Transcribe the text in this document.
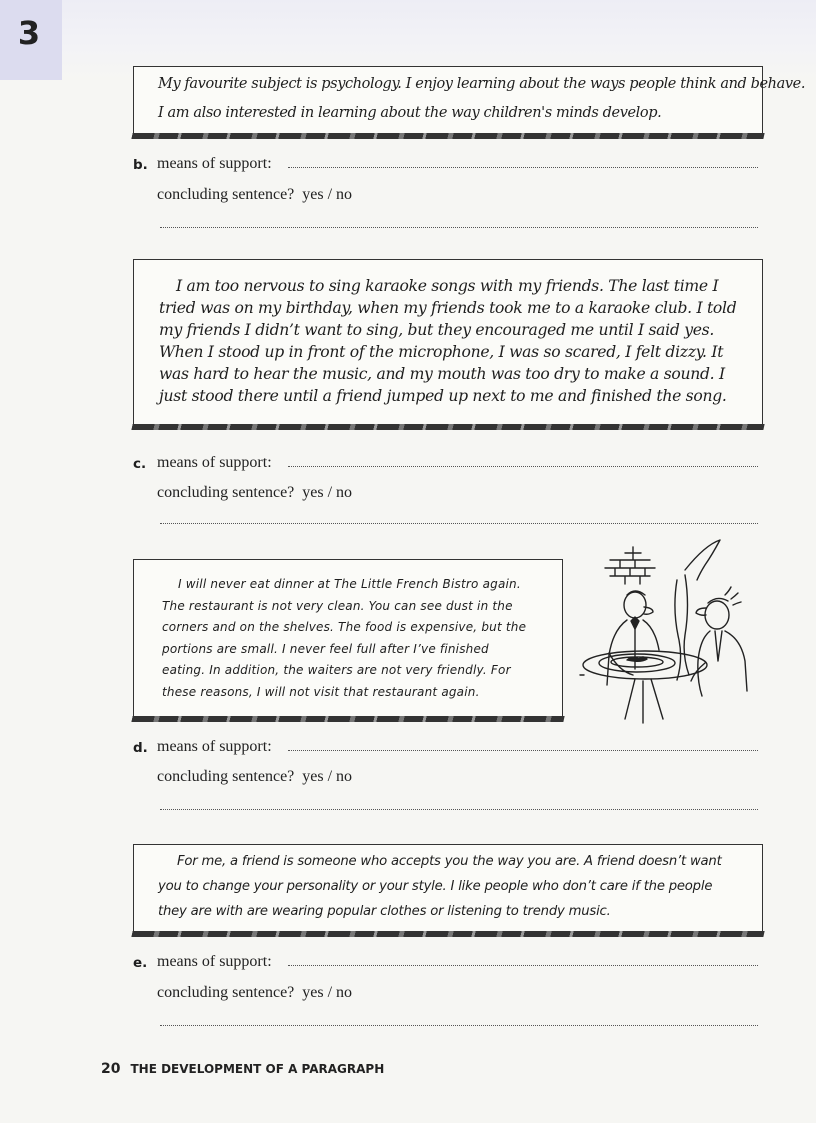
3
My favourite subject is psychology. I enjoy learning about the ways people think and behave.
I am also interested in learning about the way children's minds develop.
b. means of support:
concluding sentence?  yes / no
I am too nervous to sing karaoke songs with my friends. The last time I
tried was on my birthday, when my friends took me to a karaoke club. I told
my friends I didn’t want to sing, but they encouraged me until I said yes.
When I stood up in front of the microphone, I was so scared, I felt dizzy. It
was hard to hear the music, and my mouth was too dry to make a sound. I
just stood there until a friend jumped up next to me and finished the song.
c. means of support:
concluding sentence?  yes / no
I will never eat dinner at The Little French Bistro again.
The restaurant is not very clean. You can see dust in the
corners and on the shelves. The food is expensive, but the
portions are small. I never feel full after I’ve finished
eating. In addition, the waiters are not very friendly. For
these reasons, I will not visit that restaurant again.
d. means of support:
concluding sentence?  yes / no
For me, a friend is someone who accepts you the way you are. A friend doesn’t want
you to change your personality or your style. I like people who don’t care if the people
they are with are wearing popular clothes or listening to trendy music.
e. means of support:
concluding sentence?  yes / no
20 THE DEVELOPMENT OF A PARAGRAPH
